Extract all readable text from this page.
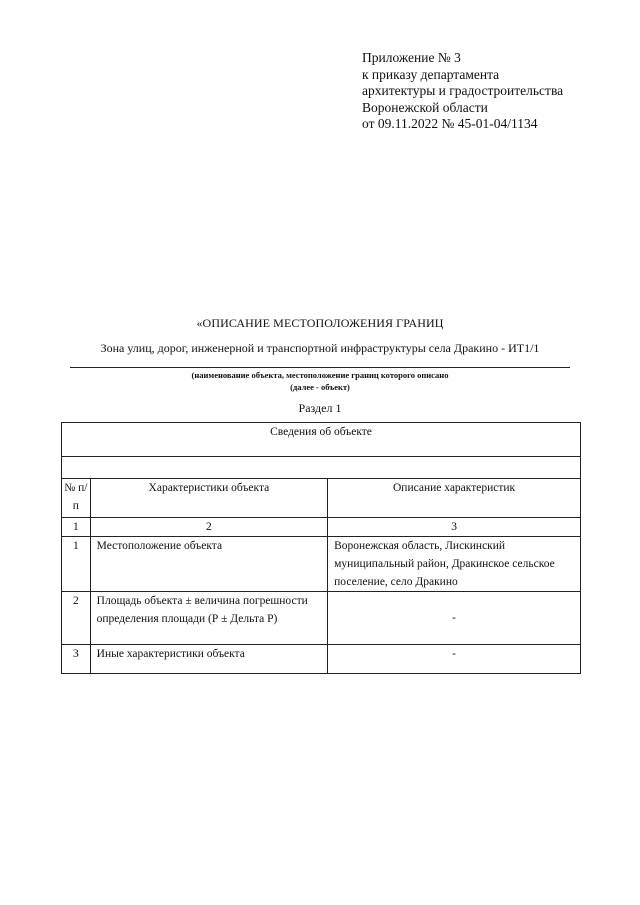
Приложение № 3
к приказу департамента
архитектуры и градостроительства
Воронежской области
от 09.11.2022 № 45-01-04/1134
«ОПИСАНИЕ МЕСТОПОЛОЖЕНИЯ ГРАНИЦ
Зона улиц, дорог, инженерной и транспортной инфраструктуры села Дракино - ИТ1/1
(наименование объекта, местоположение границ которого описано
(далее - объект)
Раздел 1
Сведения об объекте		

№ п/п	Характеристики объекта	Описание характеристик
1	2	3
1	Местоположение объекта	Воронежская область, Лискинский муниципальный район, Дракинское сельское поселение, село Дракино
2	Площадь объекта ± величина погрешности определения площади (Р ± Дельта Р)	-
3	Иные характеристики объекта	-
